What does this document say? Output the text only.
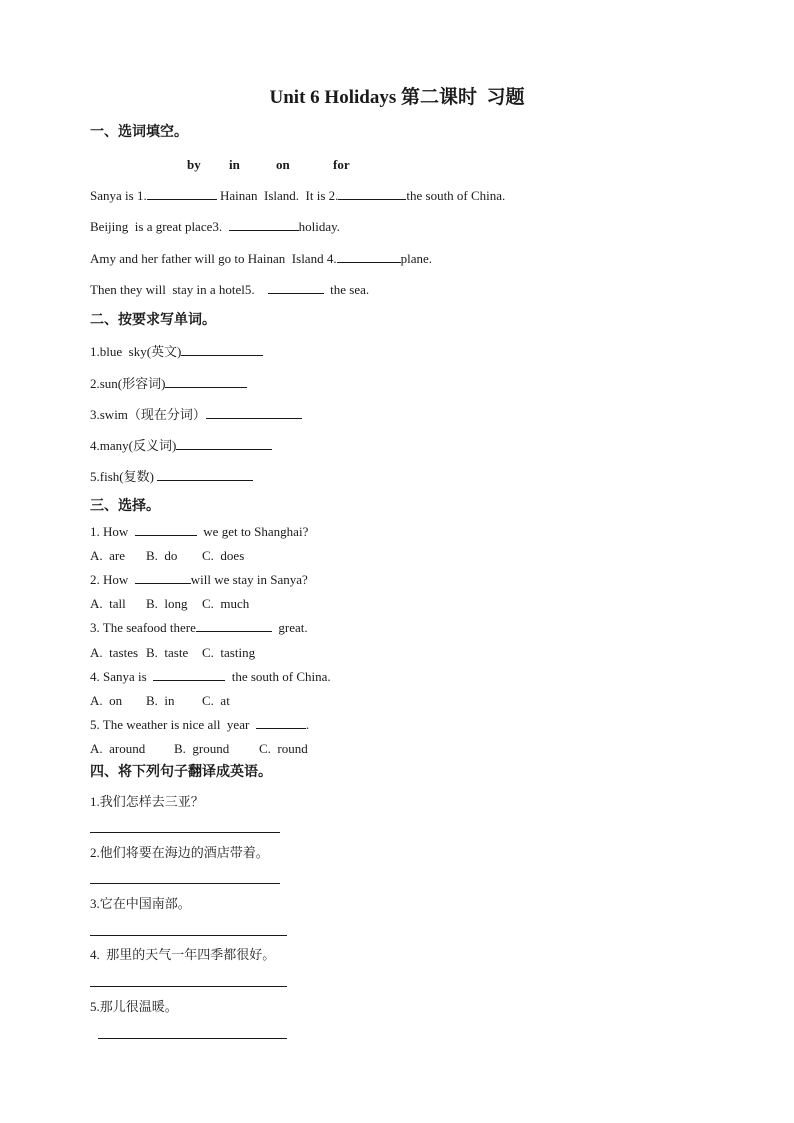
Unit 6 Holidays 第二课时  习题
一、选词填空。
by in	on	for
Sanya is 1.	Hainan  Island.  It is 2.	the south of China.
Beijing  is a great place3.	holiday.
Amy and her father will go to Hainan  Island 4.	plane.
Then they will  stay in a hotel5.	the sea.
二、按要求写单词。
1.blue  sky(英文)
2.sun(形容词)
3.swim（现在分词）
4.many(反义词)
5.fish(复数)
三、选择。
1. How	we get to Shanghai?
A.  are B.  do C.  does
2. How	will we stay in Sanya?
A.  tall B.  long C.  much
3. The seafood there	great.
A.  tastes B.  taste C.  tasting
4. Sanya is	the south of China.
A.  on B.  in C.  at
5. The weather is nice all  year	.
A.  around B.  ground C.  round
四、将下列句子翻译成英语。
1.我们怎样去三亚？
2.他们将要在海边的酒店带着。
3.它在中国南部。
4.  那里的天气一年四季都很好。
5.那儿很温暖。
